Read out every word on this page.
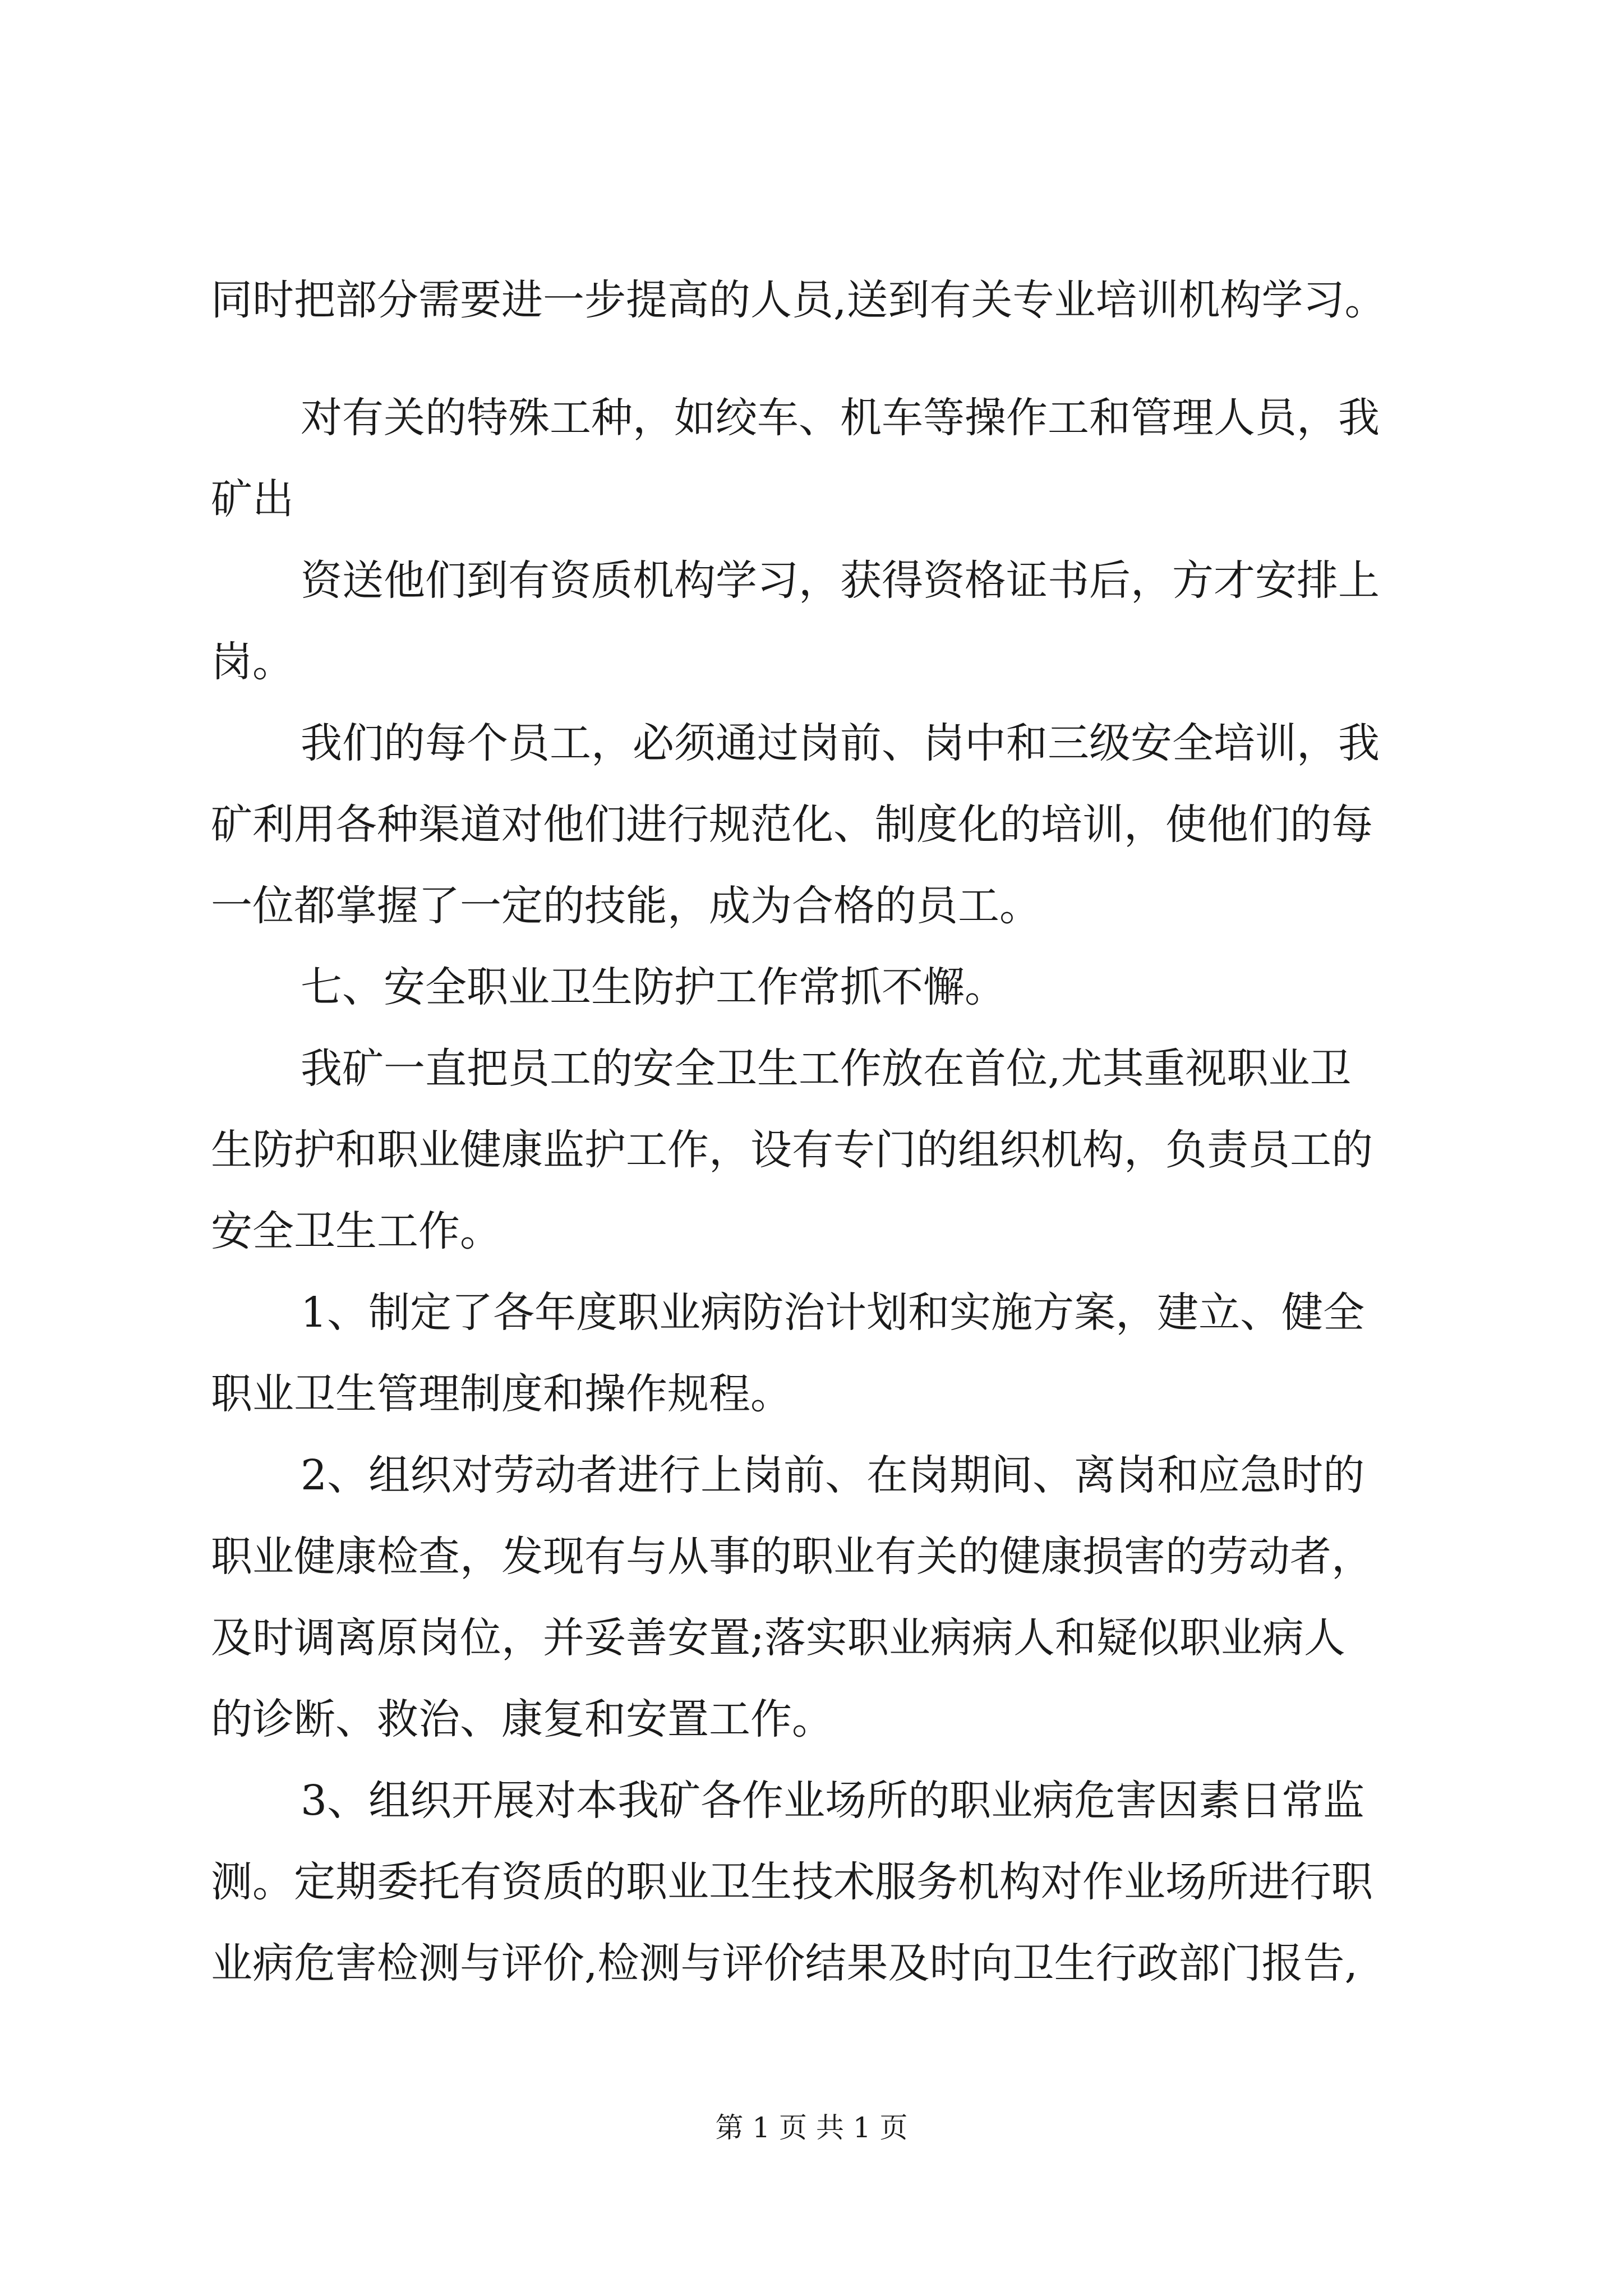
同时把部分需要进一步提高的人员,送到有关专业培训机构学习。

对有关的特殊工种，如绞车、机车等操作工和管理人员，我

矿出

资送他们到有资质机构学习，获得资格证书后，方才安排上

岗。

我们的每个员工，必须通过岗前、岗中和三级安全培训，我

矿利用各种渠道对他们进行规范化、制度化的培训，使他们的每

一位都掌握了一定的技能，成为合格的员工。

七、安全职业卫生防护工作常抓不懈。

我矿一直把员工的安全卫生工作放在首位,尤其重视职业卫

生防护和职业健康监护工作，设有专门的组织机构，负责员工的

安全卫生工作。

1、制定了各年度职业病防治计划和实施方案，建立、健全

职业卫生管理制度和操作规程。

2、组织对劳动者进行上岗前、在岗期间、离岗和应急时的

职业健康检查，发现有与从事的职业有关的健康损害的劳动者，

及时调离原岗位，并妥善安置;落实职业病病人和疑似职业病人

的诊断、救治、康复和安置工作。

3、组织开展对本我矿各作业场所的职业病危害因素日常监

测。定期委托有资质的职业卫生技术服务机构对作业场所进行职

业病危害检测与评价,检测与评价结果及时向卫生行政部门报告,

第 1 页 共 1 页
